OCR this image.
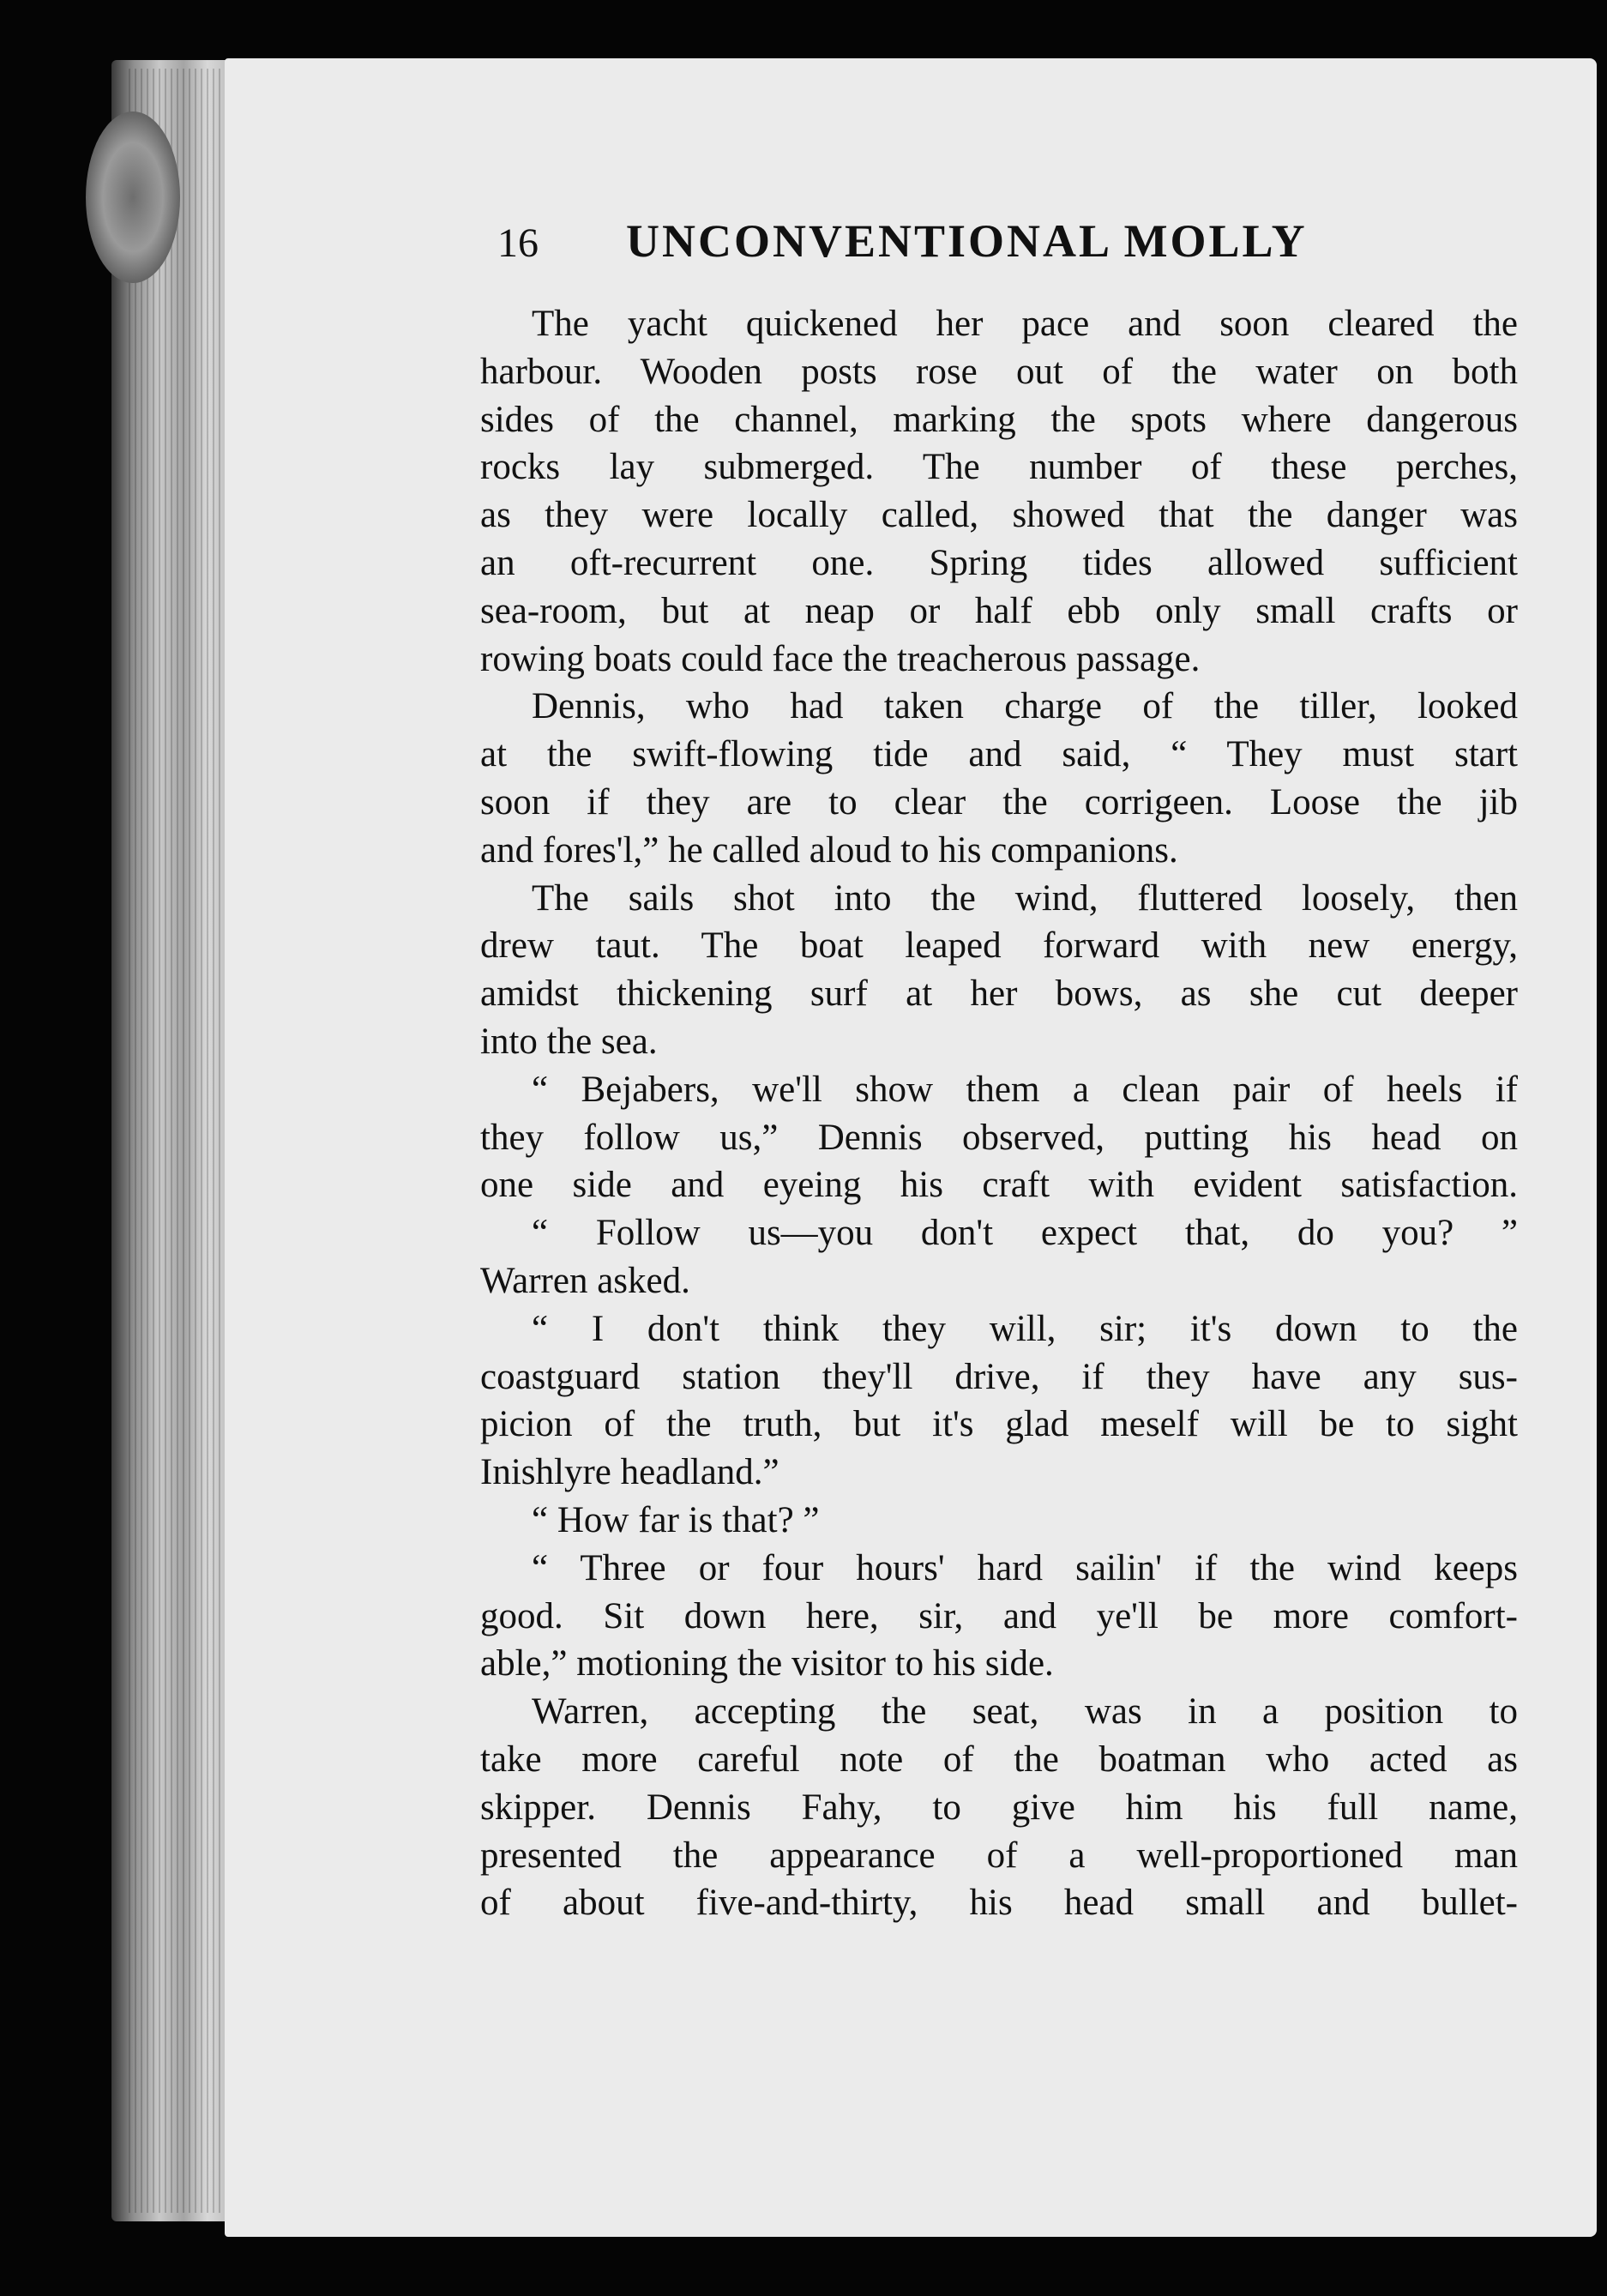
16	UNCONVENTIONAL MOLLY
The yacht quickened her pace and soon cleared the
harbour. Wooden posts rose out of the water on both
sides of the channel, marking the spots where dangerous
rocks lay submerged. The number of these perches,
as they were locally called, showed that the danger was
an oft-recurrent one. Spring tides allowed sufficient
sea-room, but at neap or half ebb only small crafts or
rowing boats could face the treacherous passage.
Dennis, who had taken charge of the tiller, looked
at the swift-flowing tide and said, “ They must start
soon if they are to clear the corrigeen. Loose the jib
and fores'l,” he called aloud to his companions.
The sails shot into the wind, fluttered loosely, then
drew taut. The boat leaped forward with new energy,
amidst thickening surf at her bows, as she cut deeper
into the sea.
“ Bejabers, we'll show them a clean pair of heels if
they follow us,” Dennis observed, putting his head on
one side and eyeing his craft with evident satisfaction.
“ Follow us—you don't expect that, do you? ”
Warren asked.
“ I don't think they will, sir; it's down to the
coastguard station they'll drive, if they have any sus-
picion of the truth, but it's glad meself will be to sight
Inishlyre headland.”
“ How far is that? ”
“ Three or four hours' hard sailin' if the wind keeps
good. Sit down here, sir, and ye'll be more comfort-
able,” motioning the visitor to his side.
Warren, accepting the seat, was in a position to
take more careful note of the boatman who acted as
skipper. Dennis Fahy, to give him his full name,
presented the appearance of a well-proportioned man
of about five-and-thirty, his head small and bullet-
